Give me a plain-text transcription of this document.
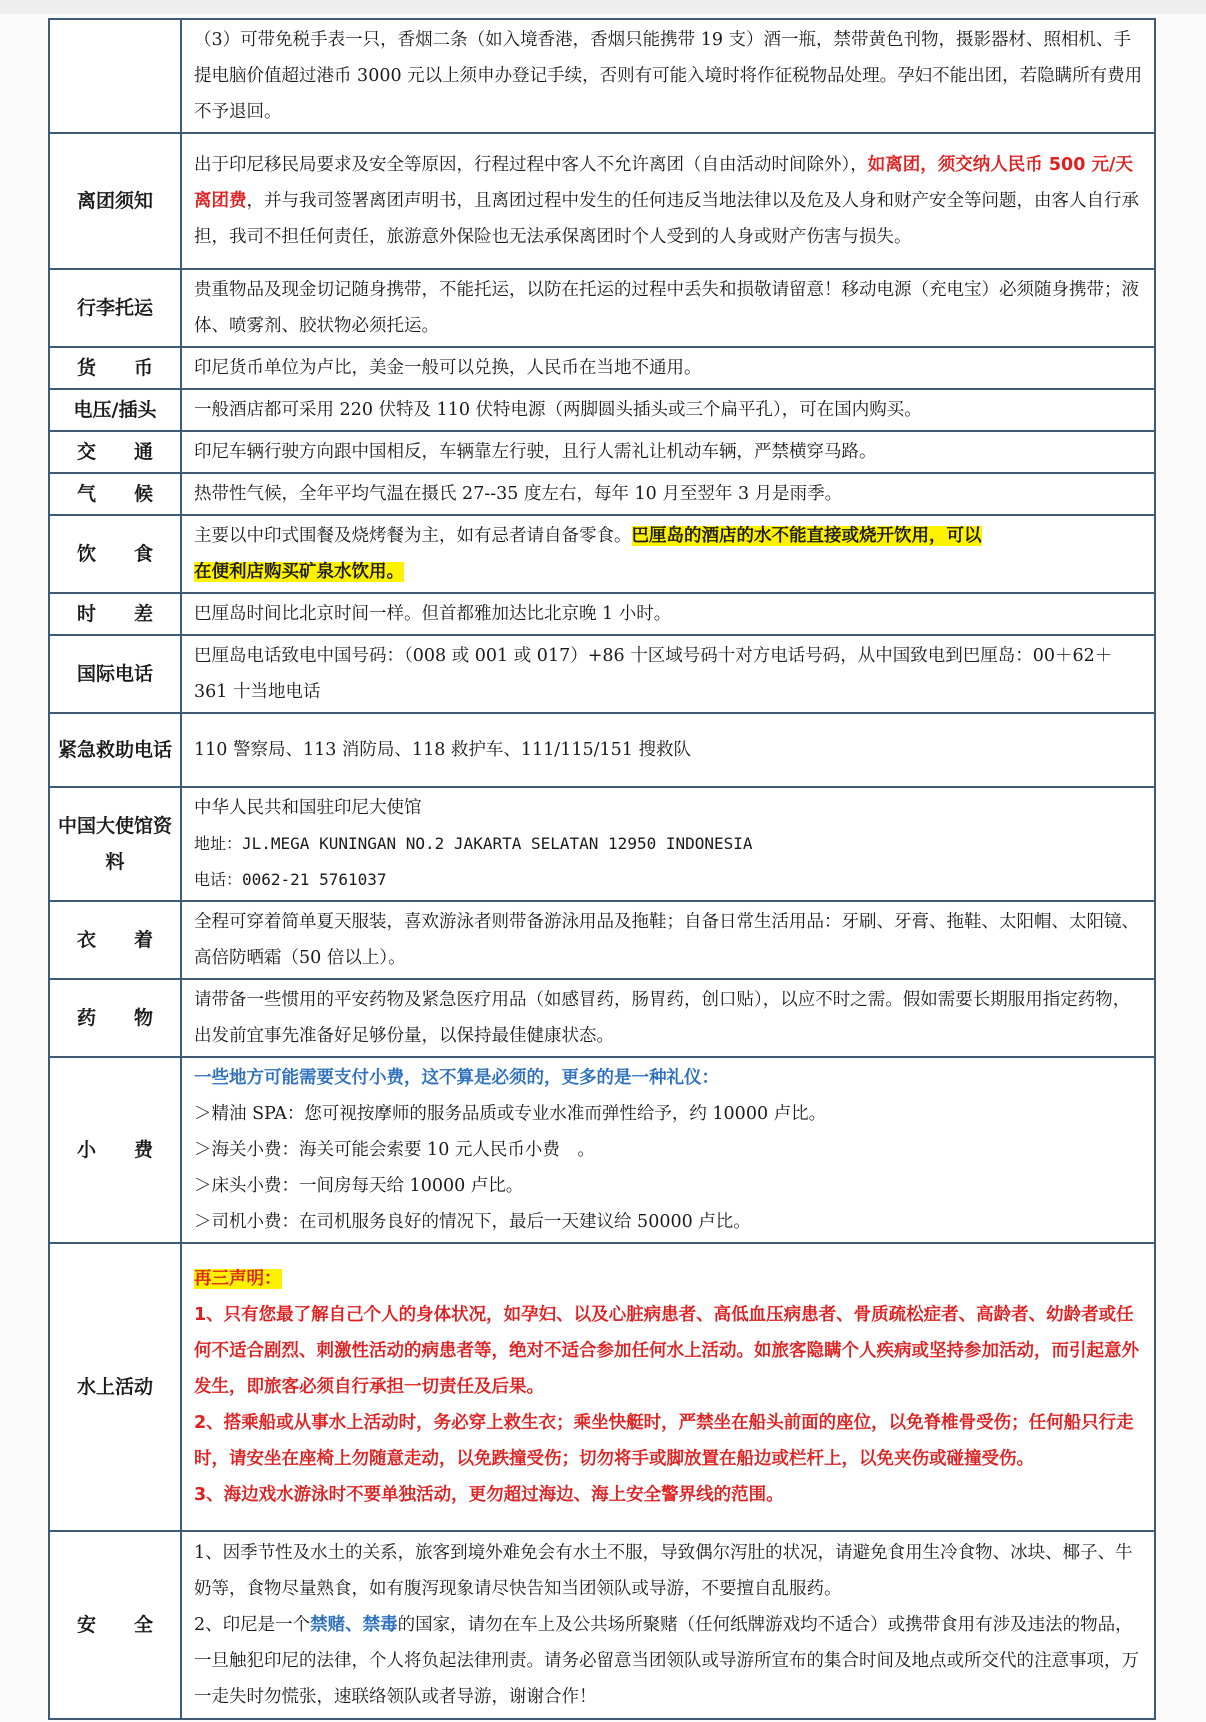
	（3）可带免税手表一只，香烟二条（如入境香港，香烟只能携带 19 支）酒一瓶，禁带黄色刊物，摄影器材、照相机、手提电脑价值超过港币 3000 元以上须申办登记手续，否则有可能入境时将作征税物品处理。孕妇不能出团，若隐瞒所有费用不予退回。

离团须知	出于印尼移民局要求及安全等原因，行程过程中客人不允许离团（自由活动时间除外），如离团，须交纳人民币 500 元/天离团费，并与我司签署离团声明书，且离团过程中发生的任何违反当地法律以及危及人身和财产安全等问题，由客人自行承担，我司不担任何责任，旅游意外保险也无法承保离团时个人受到的人身或财产伤害与损失。
行李托运	贵重物品及现金切记随身携带，不能托运，以防在托运的过程中丢失和损敬请留意！移动电源（充电宝）必须随身携带；液体、喷雾剂、胶状物必须托运。
货　　币	印尼货币单位为卢比，美金一般可以兑换，人民币在当地不通用。
电压/插头	一般酒店都可采用 220 伏特及 110 伏特电源（两脚圆头插头或三个扁平孔），可在国内购买。
交　　通	印尼车辆行驶方向跟中国相反，车辆靠左行驶，且行人需礼让机动车辆，严禁横穿马路。
气　　候	热带性气候，全年平均气温在摄氏 27--35 度左右，每年 10 月至翌年 3 月是雨季。
饮　　食	主要以中印式围餐及烧烤餐为主，如有忌者请自备零食。巴厘岛的酒店的水不能直接或烧开饮用，可以
在便利店购买矿泉水饮用。
时　　差	巴厘岛时间比北京时间一样。但首都雅加达比北京晚 1 小时。
国际电话	巴厘岛电话致电中国号码：（008 或 001 或 017）+86 十区域号码十对方电话号码，从中国致电到巴厘岛：00＋62＋361 十当地电话
紧急救助电话	110 警察局、113 消防局、118 救护车、111/115/151 搜救队
中国大使馆资料	中华人民共和国驻印尼大使馆

地址：JL.MEGA KUNINGAN NO.2 JAKARTA SELATAN 12950 INDONESIA

电话：0062-21 5761037

衣　　着	全程可穿着简单夏天服装，喜欢游泳者则带备游泳用品及拖鞋；自备日常生活用品：牙刷、牙膏、拖鞋、太阳帽、太阳镜、高倍防晒霜（50 倍以上）。
药　　物	请带备一些惯用的平安药物及紧急医疗用品（如感冒药，肠胃药，创口贴），以应不时之需。假如需要长期服用指定药物，出发前宜事先准备好足够份量，以保持最佳健康状态。
小　　费	一些地方可能需要支付小费，这不算是必须的，更多的是一种礼仪：

＞精油 SPA：您可视按摩师的服务品质或专业水准而弹性给予，约 10000 卢比。

＞海关小费：海关可能会索要 10 元人民币小费　。

＞床头小费：一间房每天给 10000 卢比。

＞司机小费：在司机服务良好的情况下，最后一天建议给 50000 卢比。

水上活动	再三声明：

1、只有您最了解自己个人的身体状况，如孕妇、以及心脏病患者、高低血压病患者、骨质疏松症者、高龄者、幼龄者或任何不适合剧烈、刺激性活动的病患者等，绝对不适合参加任何水上活动。如旅客隐瞒个人疾病或坚持参加活动，而引起意外发生，即旅客必须自行承担一切责任及后果。

2、搭乘船或从事水上活动时，务必穿上救生衣；乘坐快艇时，严禁坐在船头前面的座位，以免脊椎骨受伤；任何船只行走时，请安坐在座椅上勿随意走动，以免跌撞受伤；切勿将手或脚放置在船边或栏杆上，以免夹伤或碰撞受伤。

3、海边戏水游泳时不要单独活动，更勿超过海边、海上安全警界线的范围。

安　　全	1、因季节性及水土的关系，旅客到境外难免会有水土不服，导致偶尔泻肚的状况，请避免食用生冷食物、冰块、椰子、牛奶等，食物尽量熟食，如有腹泻现象请尽快告知当团领队或导游，不要擅自乱服药。

2、印尼是一个禁赌、禁毒的国家，请勿在车上及公共场所聚赌（任何纸牌游戏均不适合）或携带食用有涉及违法的物品，一旦触犯印尼的法律，个人将负起法律刑责。请务必留意当团领队或导游所宣布的集合时间及地点或所交代的注意事项，万一走失时勿慌张，速联络领队或者导游，谢谢合作！
